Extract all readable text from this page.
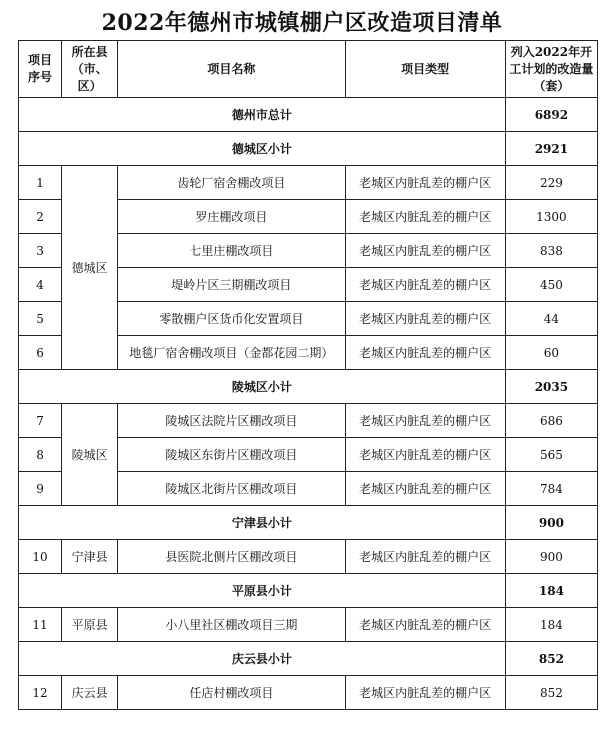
2022年德州市城镇棚户区改造项目清单
项目序号	所在县（市、区）	项目名称	项目类型	列入2022年开工计划的改造量（套）
德州市总计				6892
德城区小计				2921
1	德城区	齿轮厂宿舍棚改项目	老城区内脏乱差的棚户区	229
2		罗庄棚改项目	老城区内脏乱差的棚户区	1300
3		七里庄棚改项目	老城区内脏乱差的棚户区	838
4		堤岭片区三期棚改项目	老城区内脏乱差的棚户区	450
5		零散棚户区货币化安置项目	老城区内脏乱差的棚户区	44
6		地毯厂宿舍棚改项目（金都花园二期）	老城区内脏乱差的棚户区	60
陵城区小计				2035
7	陵城区	陵城区法院片区棚改项目	老城区内脏乱差的棚户区	686
8		陵城区东街片区棚改项目	老城区内脏乱差的棚户区	565
9		陵城区北街片区棚改项目	老城区内脏乱差的棚户区	784
宁津县小计				900
10	宁津县	县医院北侧片区棚改项目	老城区内脏乱差的棚户区	900
平原县小计				184
11	平原县	小八里社区棚改项目三期	老城区内脏乱差的棚户区	184
庆云县小计				852
12	庆云县	任店村棚改项目	老城区内脏乱差的棚户区	852
